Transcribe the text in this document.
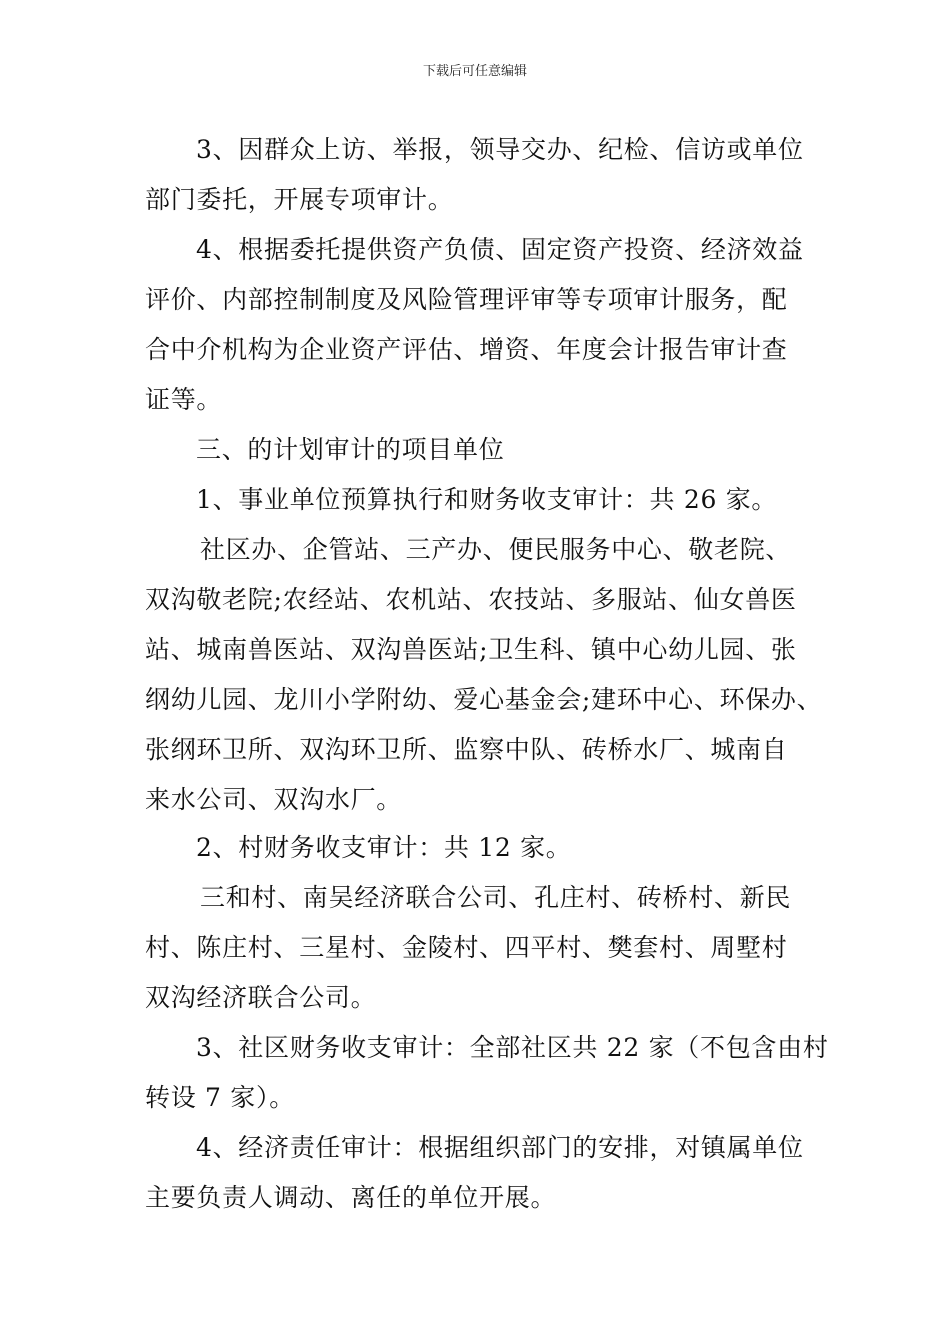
下载后可任意编辑
3、因群众上访、举报，领导交办、纪检、信访或单位
部门委托，开展专项审计。
4、根据委托提供资产负债、固定资产投资、经济效益
评价、内部控制制度及风险管理评审等专项审计服务，配
合中介机构为企业资产评估、增资、年度会计报告审计查
证等。
三、的计划审计的项目单位
1、事业单位预算执行和财务收支审计：共 26 家。
社区办、企管站、三产办、便民服务中心、敬老院、
双沟敬老院;农经站、农机站、农技站、多服站、仙女兽医
站、城南兽医站、双沟兽医站;卫生科、镇中心幼儿园、张
纲幼儿园、龙川小学附幼、爱心基金会;建环中心、环保办、
张纲环卫所、双沟环卫所、监察中队、砖桥水厂、城南自
来水公司、双沟水厂。
2、村财务收支审计：共 12 家。
三和村、南吴经济联合公司、孔庄村、砖桥村、新民
村、陈庄村、三星村、金陵村、四平村、樊套村、周墅村
双沟经济联合公司。
3、社区财务收支审计：全部社区共 22 家（不包含由村
转设 7 家）。
4、经济责任审计：根据组织部门的安排，对镇属单位
主要负责人调动、离任的单位开展。
